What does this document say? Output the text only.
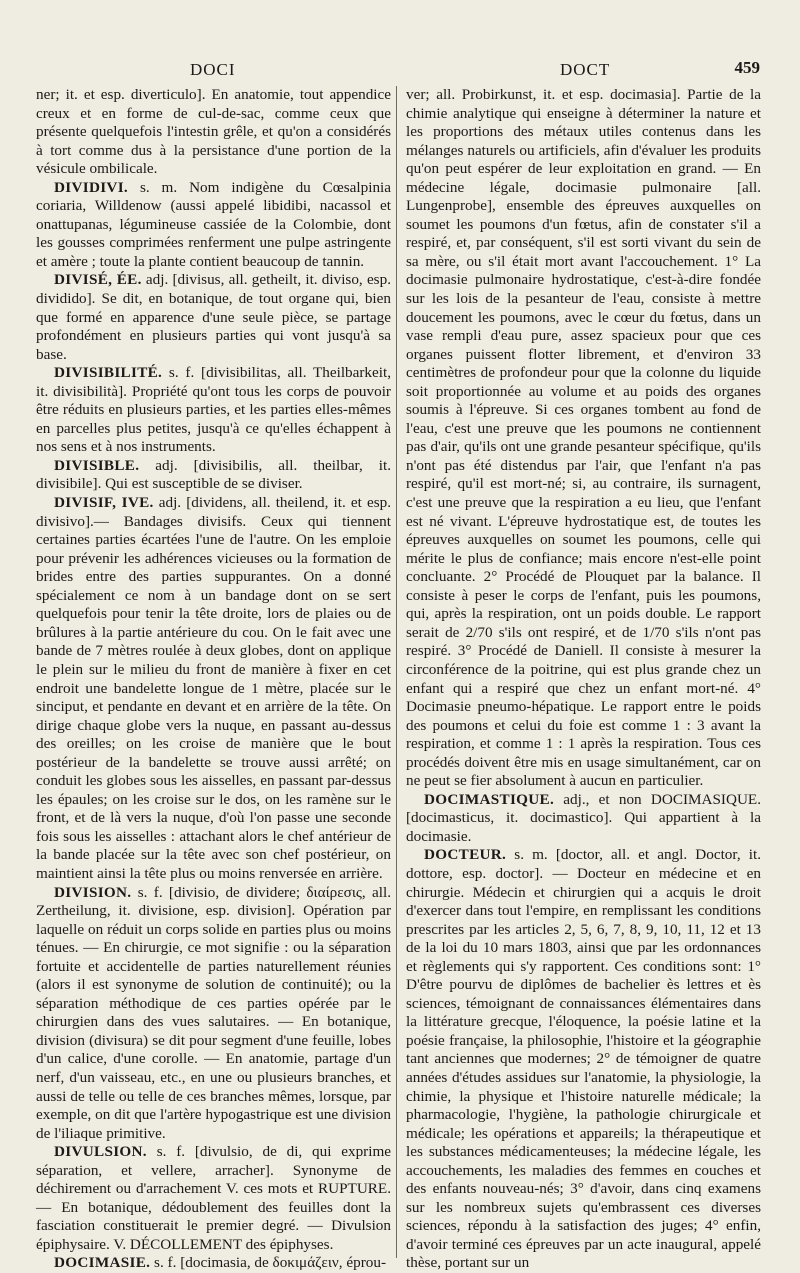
DOCI	DOCT	459

ner; it. et esp. diverticulo]. En anatomie, tout appendice creux et en forme de cul-de-sac, comme ceux que présente quelquefois l'intestin grêle, et qu'on a considérés à tort comme dus à la persistance d'une portion de la vésicule ombilicale.

DIVIDIVI. s. m. Nom indigène du Cœsalpinia coriaria, Willdenow (aussi appelé libidibi, nacassol et onattupanas, légumineuse cassiée de la Colombie, dont les gousses comprimées renferment une pulpe astringente et amère ; toute la plante contient beaucoup de tannin.

DIVISÉ, ÉE. adj. [divisus, all. getheilt, it. diviso, esp. dividido]. Se dit, en botanique, de tout organe qui, bien que formé en apparence d'une seule pièce, se partage profondément en plusieurs parties qui vont jusqu'à sa base.

DIVISIBILITÉ. s. f. [divisibilitas, all. Theilbarkeit, it. divisibilità]. Propriété qu'ont tous les corps de pouvoir être réduits en plusieurs parties, et les parties elles-mêmes en parcelles plus petites, jusqu'à ce qu'elles échappent à nos sens et à nos instruments.

DIVISIBLE. adj. [divisibilis, all. theilbar, it. divisibile]. Qui est susceptible de se diviser.

DIVISIF, IVE. adj. [dividens, all. theilend, it. et esp. divisivo].— Bandages divisifs. Ceux qui tiennent certaines parties écartées l'une de l'autre. On les emploie pour prévenir les adhérences vicieuses ou la formation de brides entre des parties suppurantes. On a donné spécialement ce nom à un bandage dont on se sert quelquefois pour tenir la tête droite, lors de plaies ou de brûlures à la partie antérieure du cou. On le fait avec une bande de 7 mètres roulée à deux globes, dont on applique le plein sur le milieu du front de manière à fixer en cet endroit une bandelette longue de 1 mètre, placée sur le sinciput, et pendante en devant et en arrière de la tête. On dirige chaque globe vers la nuque, en passant au-dessus des oreilles; on les croise de manière que le bout postérieur de la bandelette se trouve aussi arrêté; on conduit les globes sous les aisselles, en passant par-dessus les épaules; on les croise sur le dos, on les ramène sur le front, et de là vers la nuque, d'où l'on passe une seconde fois sous les aisselles : attachant alors le chef antérieur de la bande placée sur la tête avec son chef postérieur, on maintient ainsi la tête plus ou moins renversée en arrière.

DIVISION. s. f. [divisio, de dividere; διαίρεσις, all. Zertheilung, it. divisione, esp. division]. Opération par laquelle on réduit un corps solide en parties plus ou moins ténues. — En chirurgie, ce mot signifie : ou la séparation fortuite et accidentelle de parties naturellement réunies (alors il est synonyme de solution de continuité); ou la séparation méthodique de ces parties opérée par le chirurgien dans des vues salutaires. — En botanique, division (divisura) se dit pour segment d'une feuille, lobes d'un calice, d'une corolle. — En anatomie, partage d'un nerf, d'un vaisseau, etc., en une ou plusieurs branches, et aussi de telle ou telle de ces branches mêmes, lorsque, par exemple, on dit que l'artère hypogastrique est une division de l'iliaque primitive.

DIVULSION. s. f. [divulsio, de di, qui exprime séparation, et vellere, arracher]. Synonyme de déchirement ou d'arrachement V. ces mots et RUPTURE. — En botanique, dédoublement des feuilles dont la fasciation constituerait le premier degré. — Divulsion épiphysaire. V. DÉCOLLEMENT des épiphyses.

DOCIMASIE. s. f. [docimasia, de δοκιμάζειν, éprou-

ver; all. Probirkunst, it. et esp. docimasia]. Partie de la chimie analytique qui enseigne à déterminer la nature et les proportions des métaux utiles contenus dans les mélanges naturels ou artificiels, afin d'évaluer les produits qu'on peut espérer de leur exploitation en grand. — En médecine légale, docimasie pulmonaire [all. Lungenprobe], ensemble des épreuves auxquelles on soumet les poumons d'un fœtus, afin de constater s'il a respiré, et, par conséquent, s'il est sorti vivant du sein de sa mère, ou s'il était mort avant l'accouchement. 1° La docimasie pulmonaire hydrostatique, c'est-à-dire fondée sur les lois de la pesanteur de l'eau, consiste à mettre doucement les poumons, avec le cœur du fœtus, dans un vase rempli d'eau pure, assez spacieux pour que ces organes puissent flotter librement, et d'environ 33 centimètres de profondeur pour que la colonne du liquide soit proportionnée au volume et au poids des organes soumis à l'épreuve. Si ces organes tombent au fond de l'eau, c'est une preuve que les poumons ne contiennent pas d'air, qu'ils ont une grande pesanteur spécifique, qu'ils n'ont pas été distendus par l'air, que l'enfant n'a pas respiré, qu'il est mort-né; si, au contraire, ils surnagent, c'est une preuve que la respiration a eu lieu, que l'enfant est né vivant. L'épreuve hydrostatique est, de toutes les épreuves auxquelles on soumet les poumons, celle qui mérite le plus de confiance; mais encore n'est-elle point concluante. 2° Procédé de Plouquet par la balance. Il consiste à peser le corps de l'enfant, puis les poumons, qui, après la respiration, ont un poids double. Le rapport serait de 2/70 s'ils ont respiré, et de 1/70 s'ils n'ont pas respiré. 3° Procédé de Daniell. Il consiste à mesurer la circonférence de la poitrine, qui est plus grande chez un enfant qui a respiré que chez un enfant mort-né. 4° Docimasie pneumo-hépatique. Le rapport entre le poids des poumons et celui du foie est comme 1 : 3 avant la respiration, et comme 1 : 1 après la respiration. Tous ces procédés doivent être mis en usage simultanément, car on ne peut se fier absolument à aucun en particulier.

DOCIMASTIQUE. adj., et non DOCIMASIQUE. [docimasticus, it. docimastico]. Qui appartient à la docimasie.

DOCTEUR. s. m. [doctor, all. et angl. Doctor, it. dottore, esp. doctor]. — Docteur en médecine et en chirurgie. Médecin et chirurgien qui a acquis le droit d'exercer dans tout l'empire, en remplissant les conditions prescrites par les articles 2, 5, 6, 7, 8, 9, 10, 11, 12 et 13 de la loi du 10 mars 1803, ainsi que par les ordonnances et règlements qui s'y rapportent. Ces conditions sont: 1° D'être pourvu de diplômes de bachelier ès lettres et ès sciences, témoignant de connaissances élémentaires dans la littérature grecque, l'éloquence, la poésie latine et la poésie française, la philosophie, l'histoire et la géographie tant anciennes que modernes; 2° de témoigner de quatre années d'études assidues sur l'anatomie, la physiologie, la chimie, la physique et l'histoire naturelle médicale; la pharmacologie, l'hygiène, la pathologie chirurgicale et médicale; les opérations et appareils; la thérapeutique et les substances médicamenteuses; la médecine légale, les accouchements, les maladies des femmes en couches et des enfants nouveau-nés; 3° d'avoir, dans cinq examens sur les nombreux sujets qu'embrassent ces diverses sciences, répondu à la satisfaction des juges; 4° enfin, d'avoir terminé ces épreuves par un acte inaugural, appelé thèse, portant sur un
